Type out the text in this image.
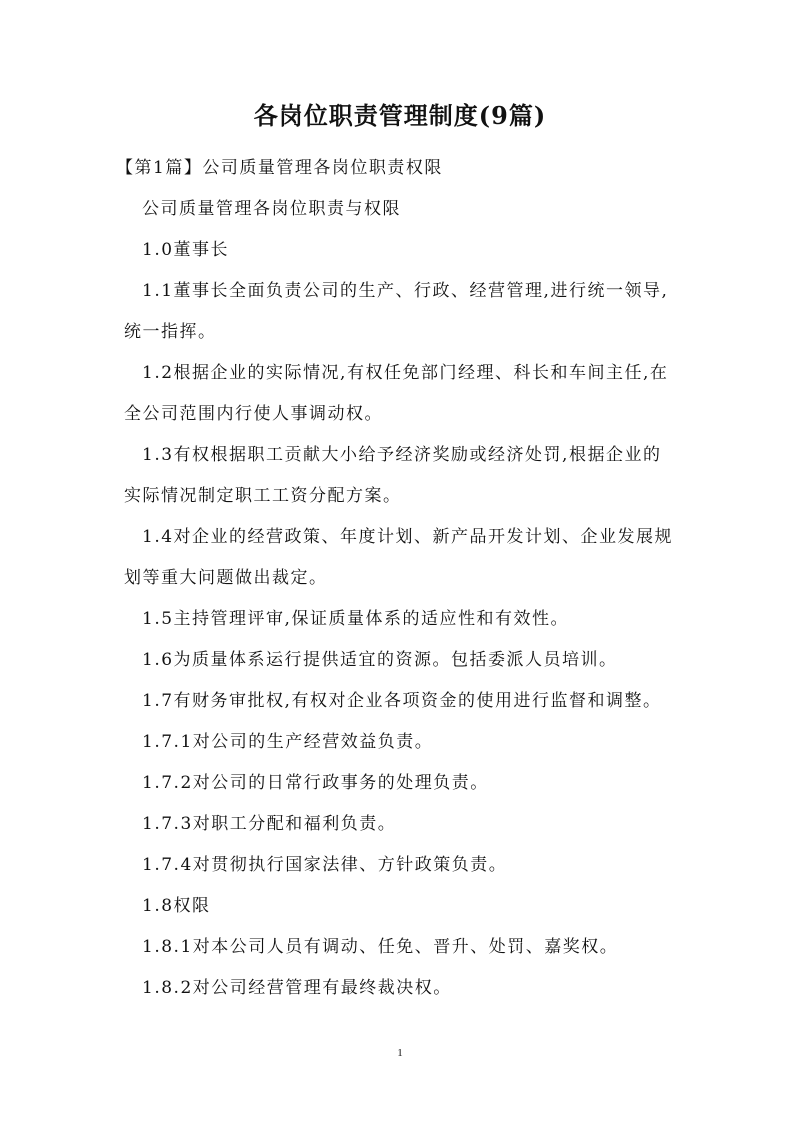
各岗位职责管理制度(9篇)
【第1篇】公司质量管理各岗位职责权限
公司质量管理各岗位职责与权限
1.0董事长
1.1董事长全面负责公司的生产、行政、经营管理,进行统一领导,
统一指挥。
1.2根据企业的实际情况,有权任免部门经理、科长和车间主任,在
全公司范围内行使人事调动权。
1.3有权根据职工贡献大小给予经济奖励或经济处罚,根据企业的
实际情况制定职工工资分配方案。
1.4对企业的经营政策、年度计划、新产品开发计划、企业发展规
划等重大问题做出裁定。
1.5主持管理评审,保证质量体系的适应性和有效性。
1.6为质量体系运行提供适宜的资源。包括委派人员培训。
1.7有财务审批权,有权对企业各项资金的使用进行监督和调整。
1.7.1对公司的生产经营效益负责。
1.7.2对公司的日常行政事务的处理负责。
1.7.3对职工分配和福利负责。
1.7.4对贯彻执行国家法律、方针政策负责。
1.8权限
1.8.1对本公司人员有调动、任免、晋升、处罚、嘉奖权。
1.8.2对公司经营管理有最终裁决权。
1
